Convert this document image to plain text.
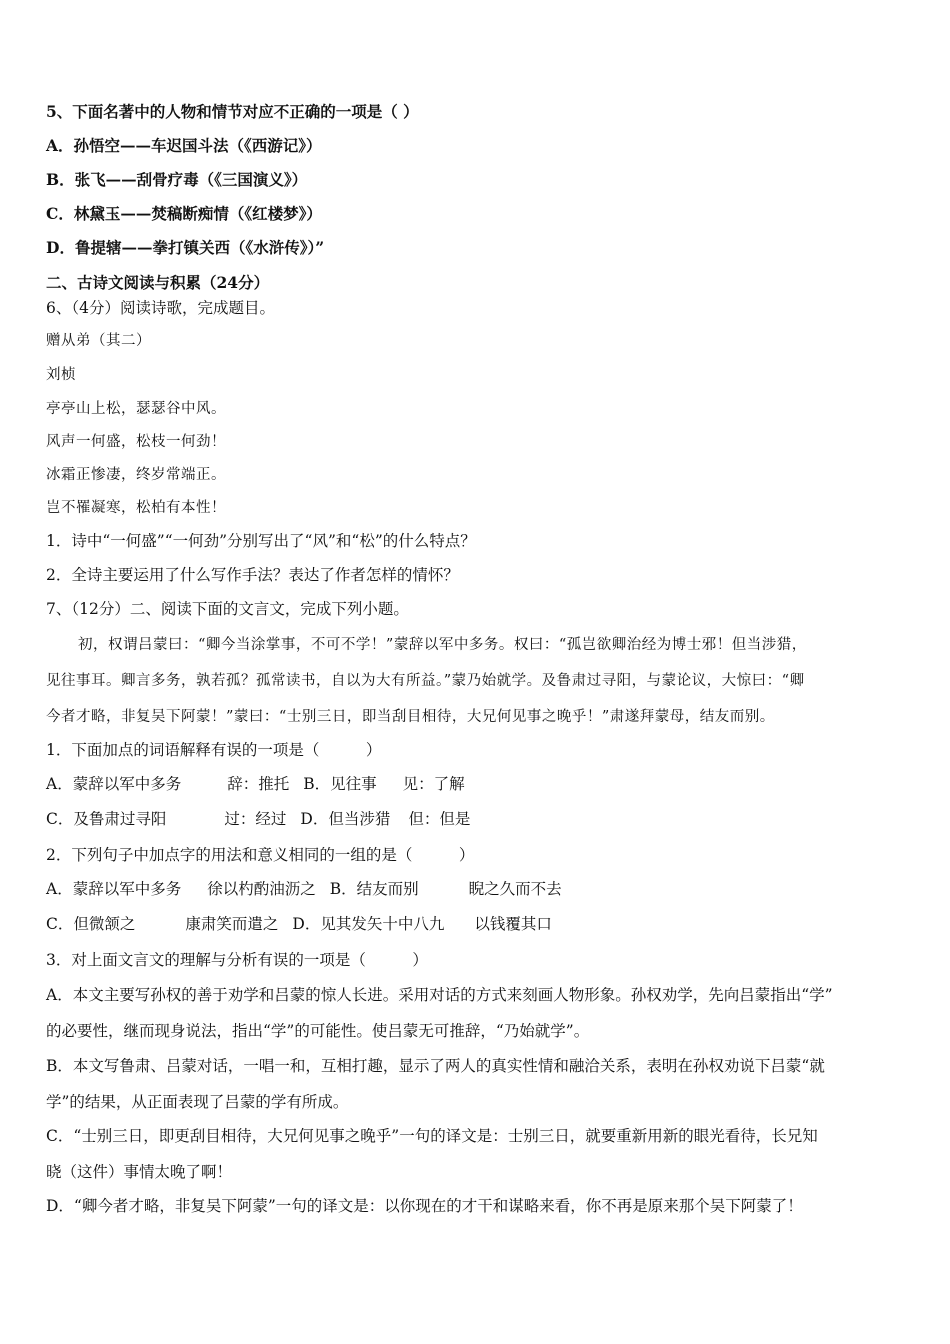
5、下面名著中的人物和情节对应不正确的一项是（ ）
A．孙悟空——车迟国斗法（《西游记》）
B．张飞——刮骨疗毒（《三国演义》）
C．林黛玉——焚稿断痴情（《红楼梦》）
D．鲁提辖——拳打镇关西（《水浒传》）”
二、古诗文阅读与积累（24分）
6、（4分）阅读诗歌，完成题目。
赠从弟（其二）
刘桢
亭亭山上松，瑟瑟谷中风。
风声一何盛，松枝一何劲！
冰霜正惨凄，终岁常端正。
岂不罹凝寒，松柏有本性！
1．诗中“一何盛”“一何劲”分别写出了“风”和“松”的什么特点？
2．全诗主要运用了什么写作手法？表达了作者怎样的情怀？
7、（12分）二、阅读下面的文言文，完成下列小题。
初，权谓吕蒙曰：“卿今当涂掌事，不可不学！”蒙辞以军中多务。权曰：“孤岂欲卿治经为博士邪！但当涉猎，
见往事耳。卿言多务，孰若孤？孤常读书，自以为大有所益。”蒙乃始就学。及鲁肃过寻阳，与蒙论议，大惊曰：“卿
今者才略，非复吴下阿蒙！”蒙曰：“士别三日，即当刮目相待，大兄何见事之晚乎！”肃遂拜蒙母，结友而别。
1．下面加点的词语解释有误的一项是（　　　）
A．蒙辞以军中多务	辞：推托 B．见往事 见：了解
C．及鲁肃过寻阳	过：经过 D．但当涉猎 但：但是
2．下列句子中加点字的用法和意义相同的一组的是（　　　）
A．蒙辞以军中多务 徐以杓酌油沥之 B．结友而别	睨之久而不去
C．但微颔之	康肃笑而遣之 D．见其发矢十中八九 以钱覆其口
3．对上面文言文的理解与分析有误的一项是（　　　）
A．本文主要写孙权的善于劝学和吕蒙的惊人长进。采用对话的方式来刻画人物形象。孙权劝学，先向吕蒙指出“学”
的必要性，继而现身说法，指出“学”的可能性。使吕蒙无可推辞，“乃始就学”。
B．本文写鲁肃、吕蒙对话，一唱一和，互相打趣，显示了两人的真实性情和融洽关系，表明在孙权劝说下吕蒙“就
学”的结果，从正面表现了吕蒙的学有所成。
C．“士别三日，即更刮目相待，大兄何见事之晚乎”一句的译文是：士别三日，就要重新用新的眼光看待，长兄知
晓（这件）事情太晚了啊！
D．“卿今者才略，非复吴下阿蒙”一句的译文是：以你现在的才干和谋略来看，你不再是原来那个吴下阿蒙了！
